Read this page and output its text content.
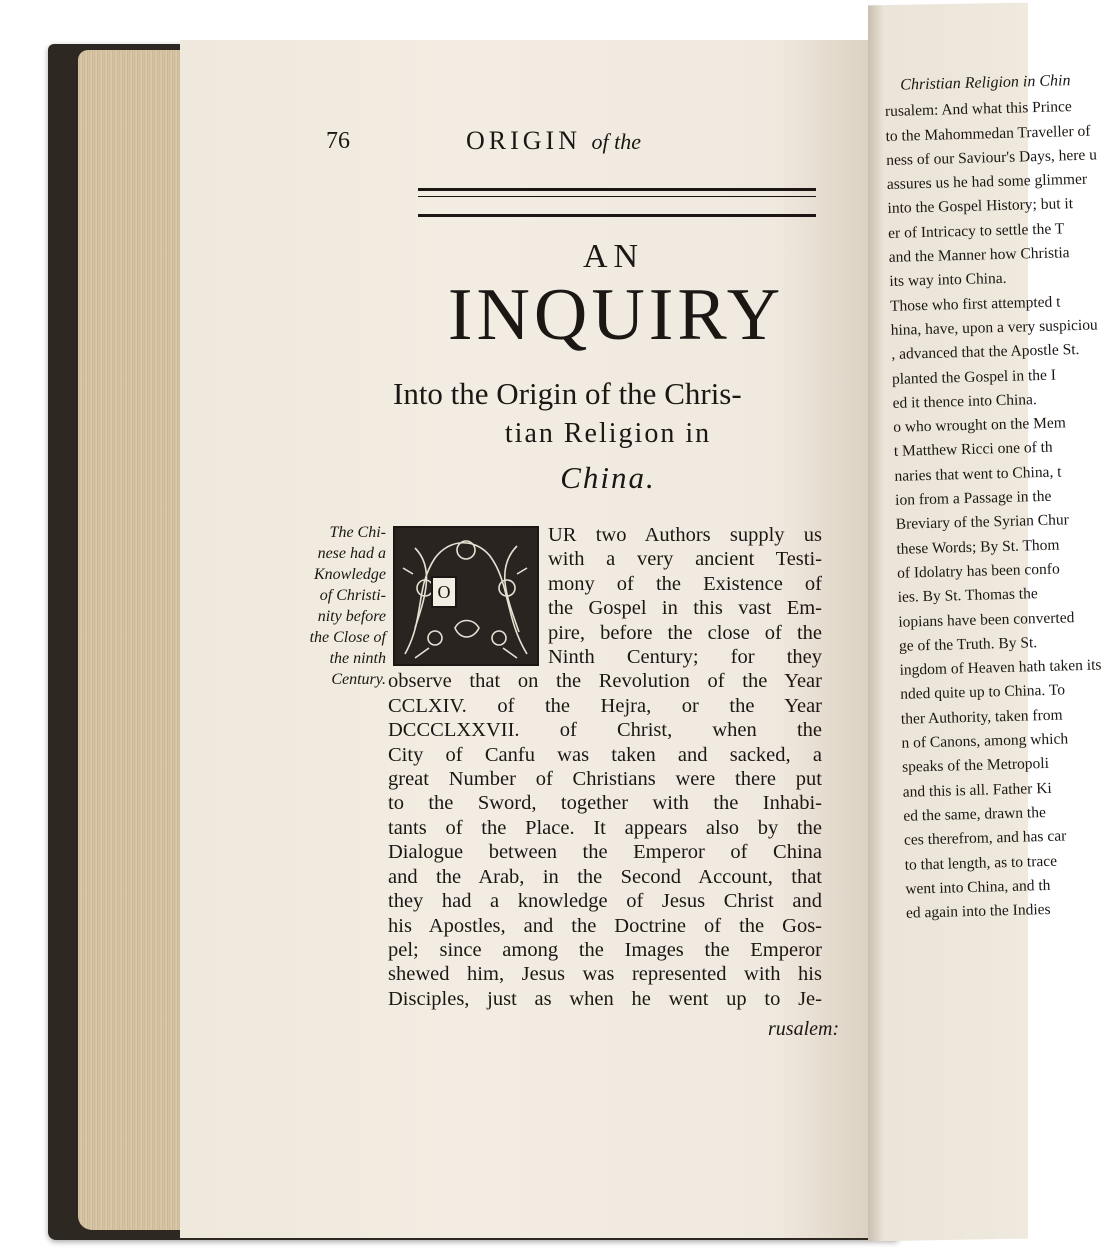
76	ORIGIN of the
AN
INQUIRY
Into the Origin of the Chris-
tian Religion in
China.
The Chi-
nese had a
Knowledge
of Christi-
nity before
the Close of
the ninth
Century.
O
UR two Authors supply us
with a very ancient Testi-
mony of the Existence of
the Gospel in this vast Em-
pire, before the close of the
Ninth Century; for they
observe that on the Revolution of the Year
CCLXIV. of the Hejra, or the Year
DCCCLXXVII. of Christ, when the
City of Canfu was taken and sacked, a
great Number of Christians were there put
to the Sword, together with the Inhabi-
tants of the Place. It appears also by the
Dialogue between the Emperor of China
and the Arab, in the Second Account, that
they had a knowledge of Jesus Christ and
his Apostles, and the Doctrine of the Gos-
pel; since among the Images the Emperor
shewed him, Jesus was represented with his
Disciples, just as when he went up to Je-
rusalem:
Christian Religion in Chin
rusalem: And what this Prince
to the Mahommedan Traveller of
ness of our Saviour's Days, here u
assures us he had some glimmer
into the Gospel History; but it
er of Intricacy to settle the T
and the Manner how Christia
its way into China.
Those who first attempted t
hina, have, upon a very suspiciou
, advanced that the Apostle St.
planted the Gospel in the I
ed it thence into China.
o who wrought on the Mem
t Matthew Ricci one of th
naries that went to China, t
ion from a Passage in the
Breviary of the Syrian Chur
these Words; By St. Thom
of Idolatry has been confo
ies. By St. Thomas the
iopians have been converted
ge of the Truth. By St.
ingdom of Heaven hath taken its
nded quite up to China. To
ther Authority, taken from
n of Canons, among which
speaks of the Metropoli
and this is all. Father Ki
ed the same, drawn the
ces therefrom, and has car
to that length, as to trace
went into China, and th
ed again into the Indies
